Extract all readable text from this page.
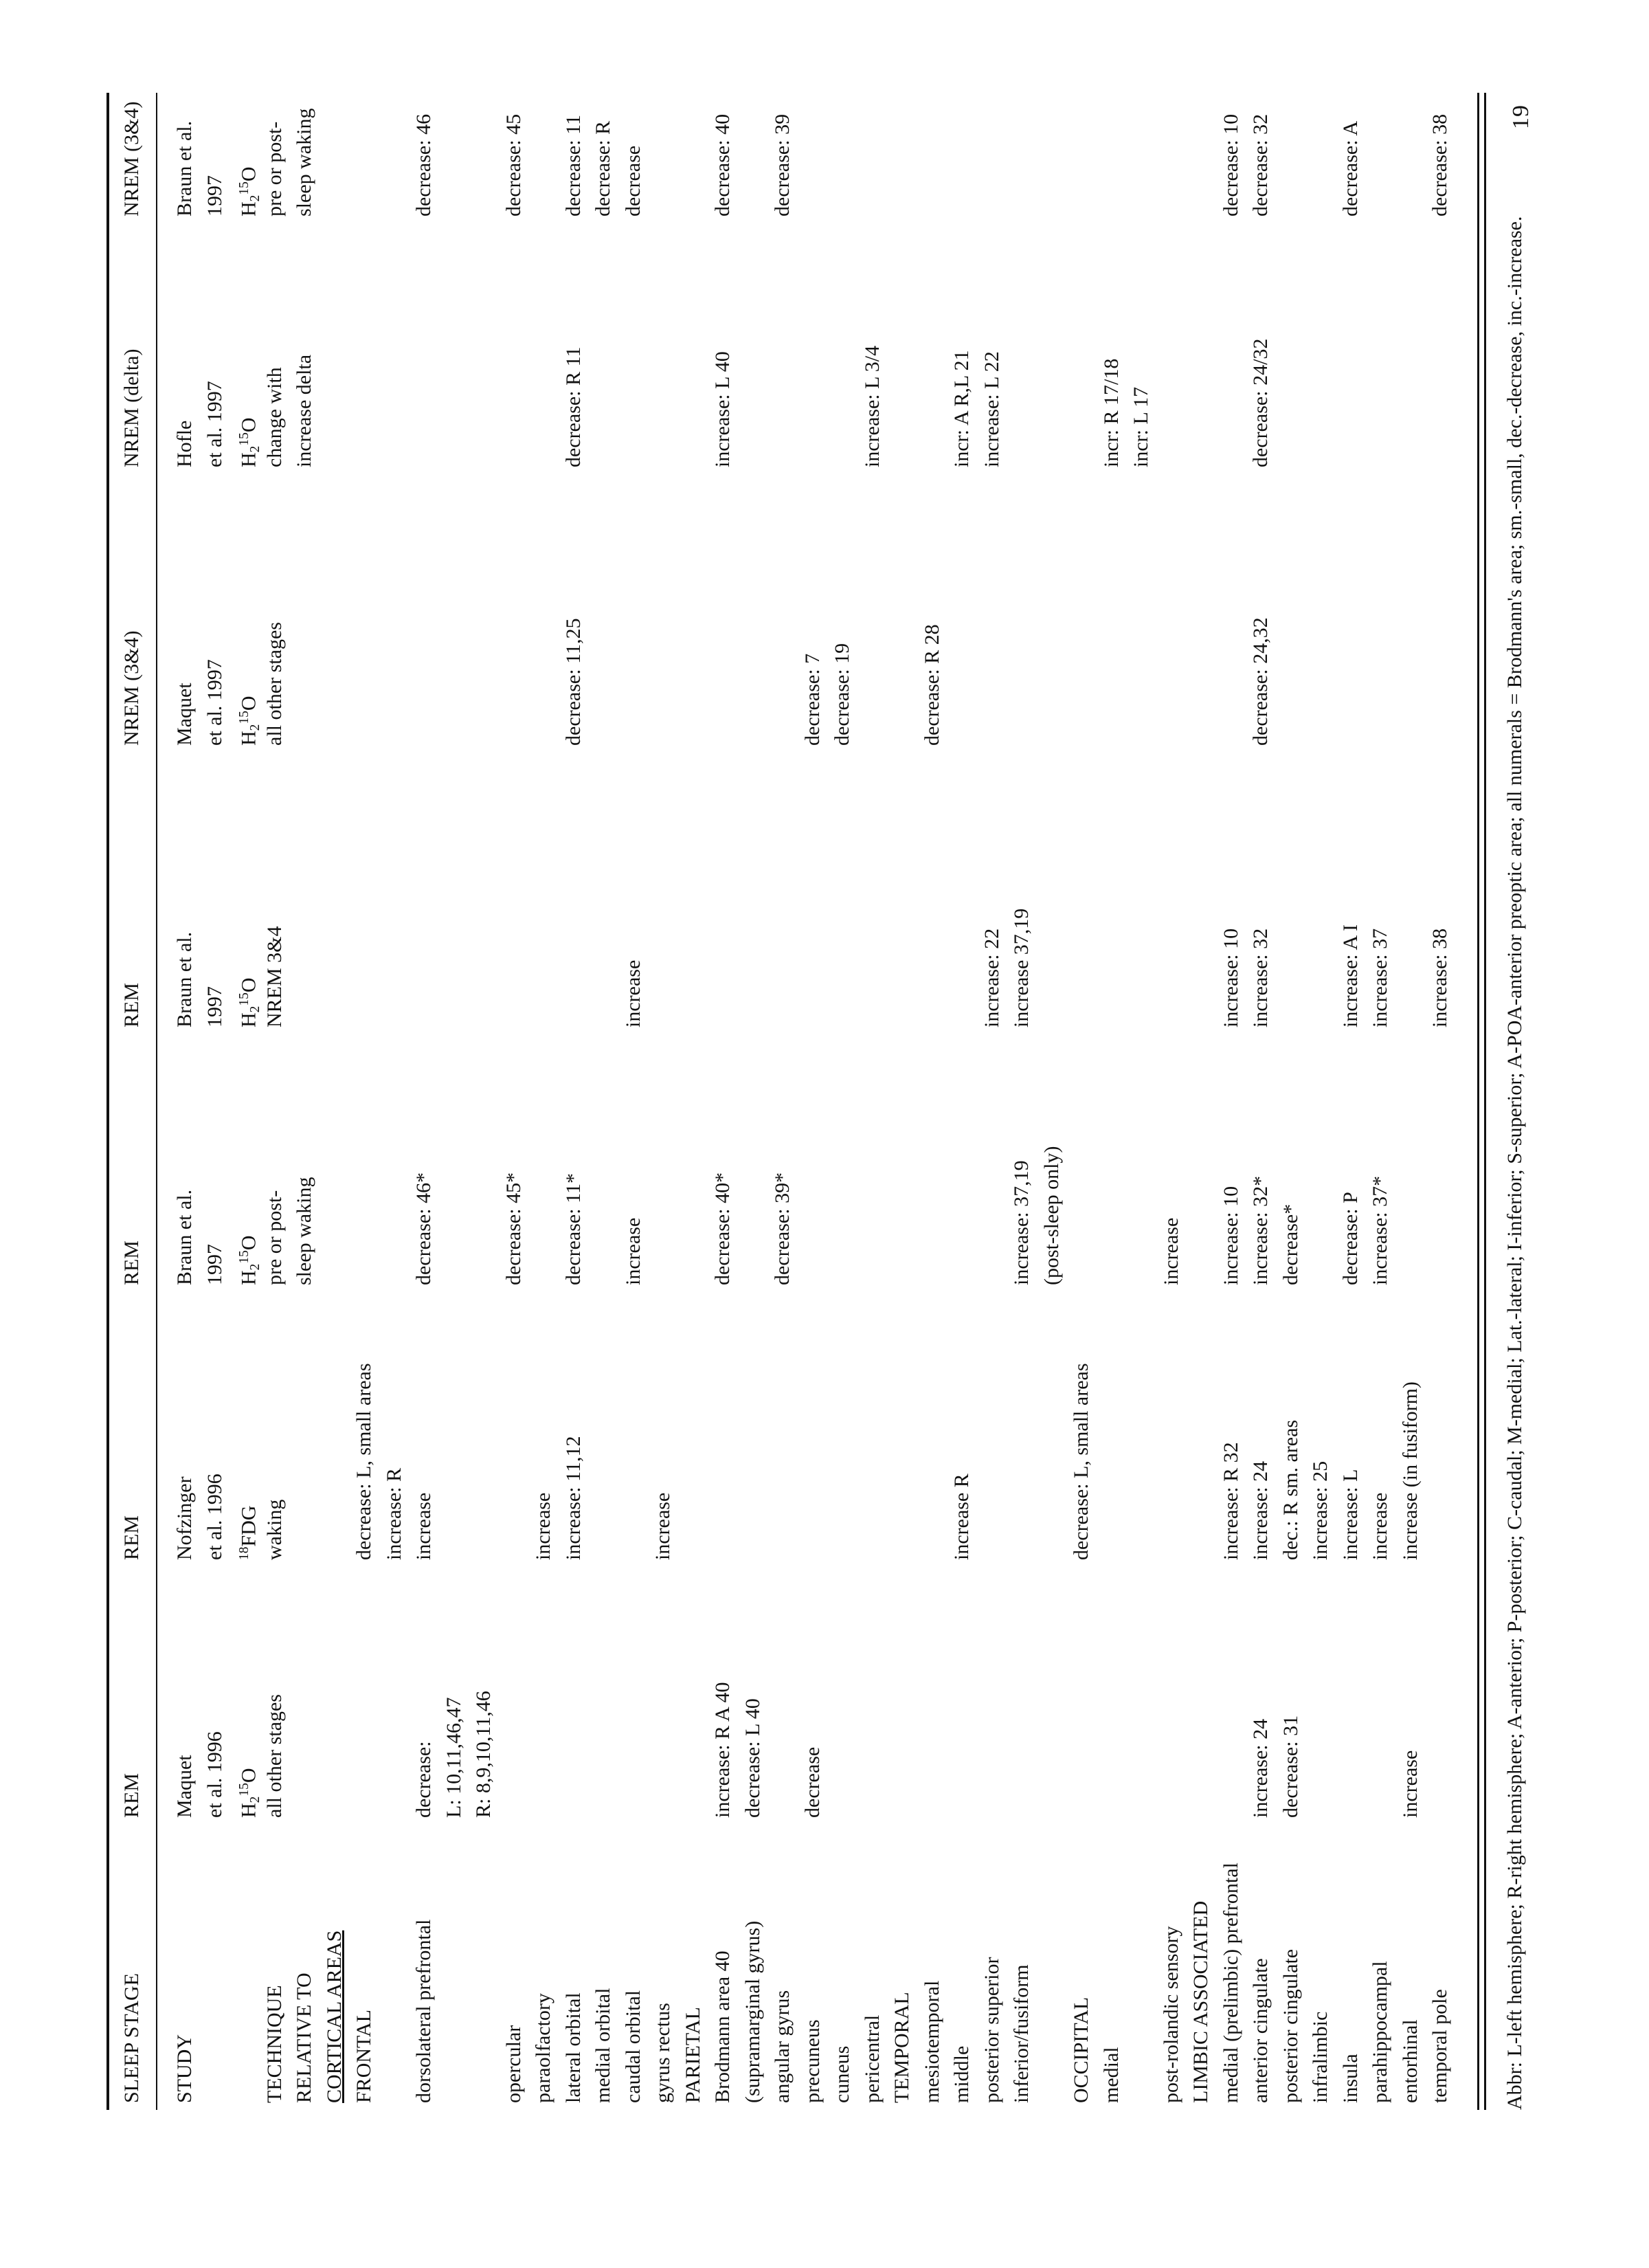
SLEEP STAGE
REM
REM
REM
REM
NREM (3&4)
NREM (delta)
NREM (3&4)
STUDY
Maquet
Nofzinger
Braun et al.
Braun et al.
Maquet
Hofle
Braun et al.
et al. 1996
et al. 1996
1997
1997
et al. 1997
et al. 1997
1997
$H_2^{15}O$
$^{18}$FDG
$H_2^{15}O$
$H_2^{15}O$
$H_2^{15}O$
$H_2^{15}O$
$H_2^{15}O$
TECHNIQUE
all other stages
waking
pre or post-
NREM 3&4
all other stages
change with
pre or post-
RELATIVE TO
sleep waking
increase delta
sleep waking
CORTICAL AREAS FRONTAL
decrease: L, small areas increase: R
dorsolateral prefrontal
decrease:
increase
decrease: 46*
decrease: 46
L: 10,11,46,47 R: 8,9,10,11,46
opercular
decrease: 45*
decrease: 45
paraolfactory
increase
lateral orbital
increase: 11,12
decrease: 11*
decrease: 11,25
decrease: R 11
decrease: 11
medial orbital
decrease: R
caudal orbital
increase
increase
decrease
gyrus rectus
increase
PARIETAL Brodmann area 40
increase: R A 40
decrease: 40*
increase: L 40
decrease: 40
(supramarginal gyrus)
decrease: L 40
angular gyrus
decrease: 39*
decrease: 39
precuneus
decrease
decrease: 7
cuneus
decrease: 19
pericentral
increase: L 3/4
TEMPORAL mesiotemporal
decrease: R 28
middle
increase R
incr: A R,L 21
posterior superior
increase: 22
increase: L 22
inferior/fusiform
increase: 37,19
increase 37,19
(post-sleep only)
OCCIPITAL
decrease: L, small areas
medial
incr: R 17/18 incr: L 17
post-rolandic sensory
increase
LIMBIC ASSOCIATED medial (prelimbic) prefrontal
increase: R 32
increase: 10
increase: 10
decrease: 10
anterior cingulate
increase: 24
increase: 24
increase: 32*
increase: 32
decrease: 24,32
decrease: 24/32
decrease: 32
posterior cingulate
decrease: 31
dec.: R sm. areas
decrease*
infralimbic
increase: 25
insula
increase: L
decrease: P
increase: A I
decrease: A
parahippocampal
increase
increase: 37*
increase: 37
entorhinal
increase
increase (in fusiform)
temporal pole
increase: 38
decrease: 38
Abbr: L-left hemisphere; R-right hemisphere; A-anterior; P-posterior; C-caudal; M-medial; Lat.-lateral; I-inferior; S-superior; A-POA-anterior preoptic area; all numerals = Brodmann's area; sm.-small, dec.-decrease, inc.-increase.
19
